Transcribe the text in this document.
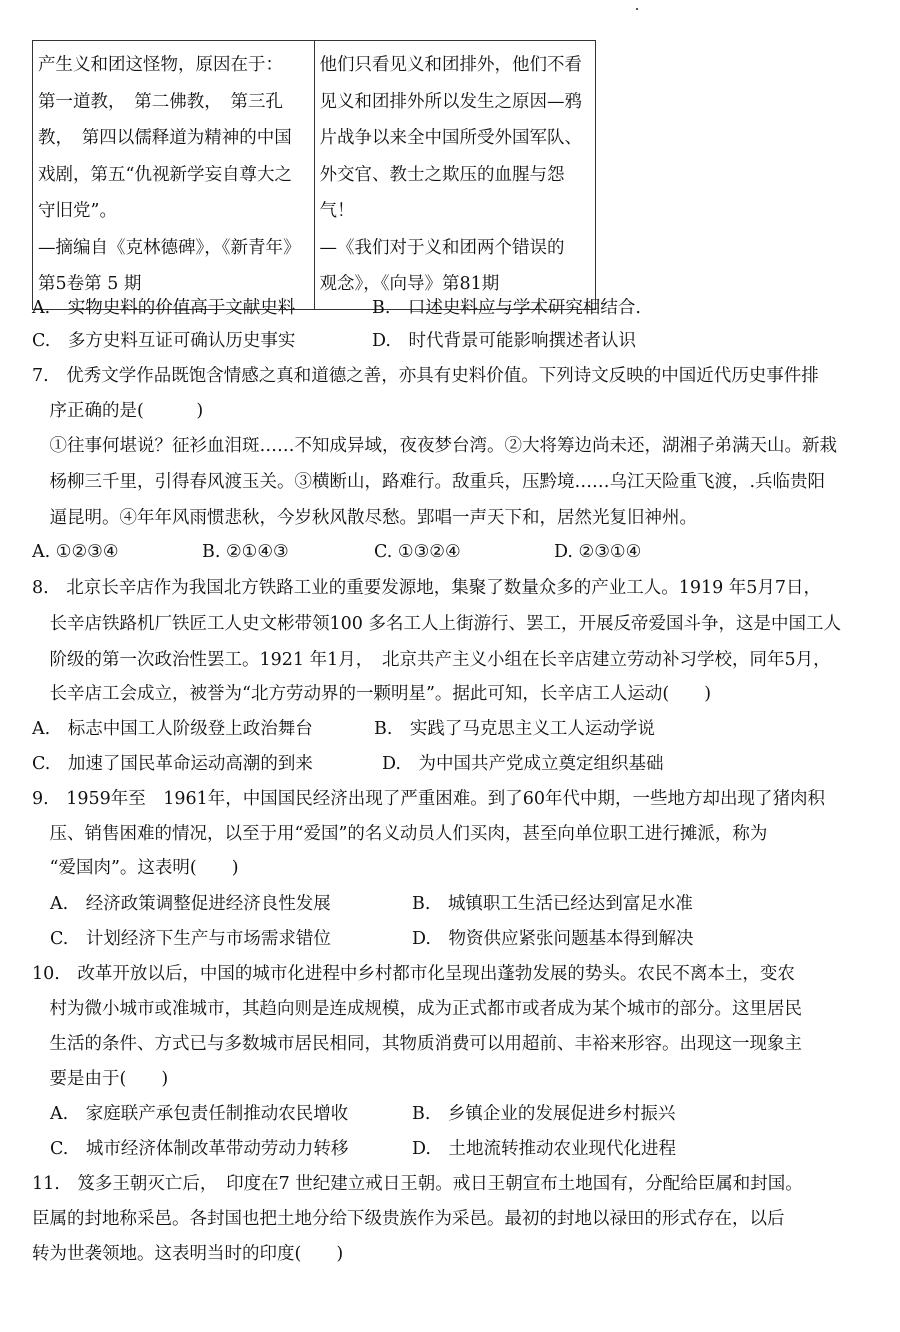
产生义和团这怪物，原因在于：
第一道教，　第二佛教，　第三孔
教，　第四以儒释道为精神的中国
戏剧，第五“仇视新学妄自尊大之
守旧党”。
—摘编自《克林德碑》，《新青年》
第5卷第 5 期

他们只看见义和团排外，他们不看
见义和团排外所以发生之原因—鸦
片战争以来全中国所受外国军队、
外交官、教士之欺压的血腥与怨
气！
—《我们对于义和团两个错误的
观念》，《向导》第81期
A.　实物史料的价值高于文献史料	B.　口述史料应与学术研究相结合.
C.　多方史料互证可确认历史事实	D.　时代背景可能影响撰述者认识
7.　优秀文学作品既饱含情感之真和道德之善，亦具有史料价值。下列诗文反映的中国近代历史事件排
　序正确的是(　　　)
　①往事何堪说？征衫血泪斑……不知成异域，夜夜梦台湾。②大将筹边尚未还，湖湘子弟满天山。新栽
　杨柳三千里，引得春风渡玉关。③横断山，路难行。敌重兵，压黔境……乌江天险重飞渡，.兵临贵阳
　逼昆明。④年年风雨惯悲秋，今岁秋风散尽愁。郢唱一声天下和，居然光复旧神州。
A. ①②③④	B. ②①④③	C. ①③②④	D. ②③①④
8.　北京长辛店作为我国北方铁路工业的重要发源地，集聚了数量众多的产业工人。1919 年5月7日，
　长辛店铁路机厂铁匠工人史文彬带领100 多名工人上街游行、罢工，开展反帝爱国斗争，这是中国工人
　阶级的第一次政治性罢工。1921 年1月，　北京共产主义小组在长辛店建立劳动补习学校，同年5月，
　长辛店工会成立，被誉为“北方劳动界的一颗明星”。据此可知，长辛店工人运动(　　)
A.　标志中国工人阶级登上政治舞台	B.　实践了马克思主义工人运动学说
C.　加速了国民革命运动高潮的到来	D.　为中国共产党成立奠定组织基础
9.　1959年至　1961年，中国国民经济出现了严重困难。到了60年代中期，一些地方却出现了猪肉积
　压、销售困难的情况，以至于用“爱国”的名义动员人们买肉，甚至向单位职工进行摊派，称为
　“爱国肉”。这表明(　　)
A.　经济政策调整促进经济良性发展	B.　城镇职工生活已经达到富足水准
C.　计划经济下生产与市场需求错位	D.　物资供应紧张问题基本得到解决
10.　改革开放以后，中国的城市化进程中乡村都市化呈现出蓬勃发展的势头。农民不离本土，变农
　村为微小城市或准城市，其趋向则是连成规模，成为正式都市或者成为某个城市的部分。这里居民
　生活的条件、方式已与多数城市居民相同，其物质消费可以用超前、丰裕来形容。出现这一现象主
　要是由于(　　)
A.　家庭联产承包责任制推动农民增收	B.　乡镇企业的发展促进乡村振兴
C.　城市经济体制改革带动劳动力转移	D.　土地流转推动农业现代化进程
11.　笈多王朝灭亡后，　印度在7 世纪建立戒日王朝。戒日王朝宣布土地国有，分配给臣属和封国。
臣属的封地称采邑。各封国也把土地分给下级贵族作为采邑。最初的封地以禄田的形式存在，以后
转为世袭领地。这表明当时的印度(　　)
